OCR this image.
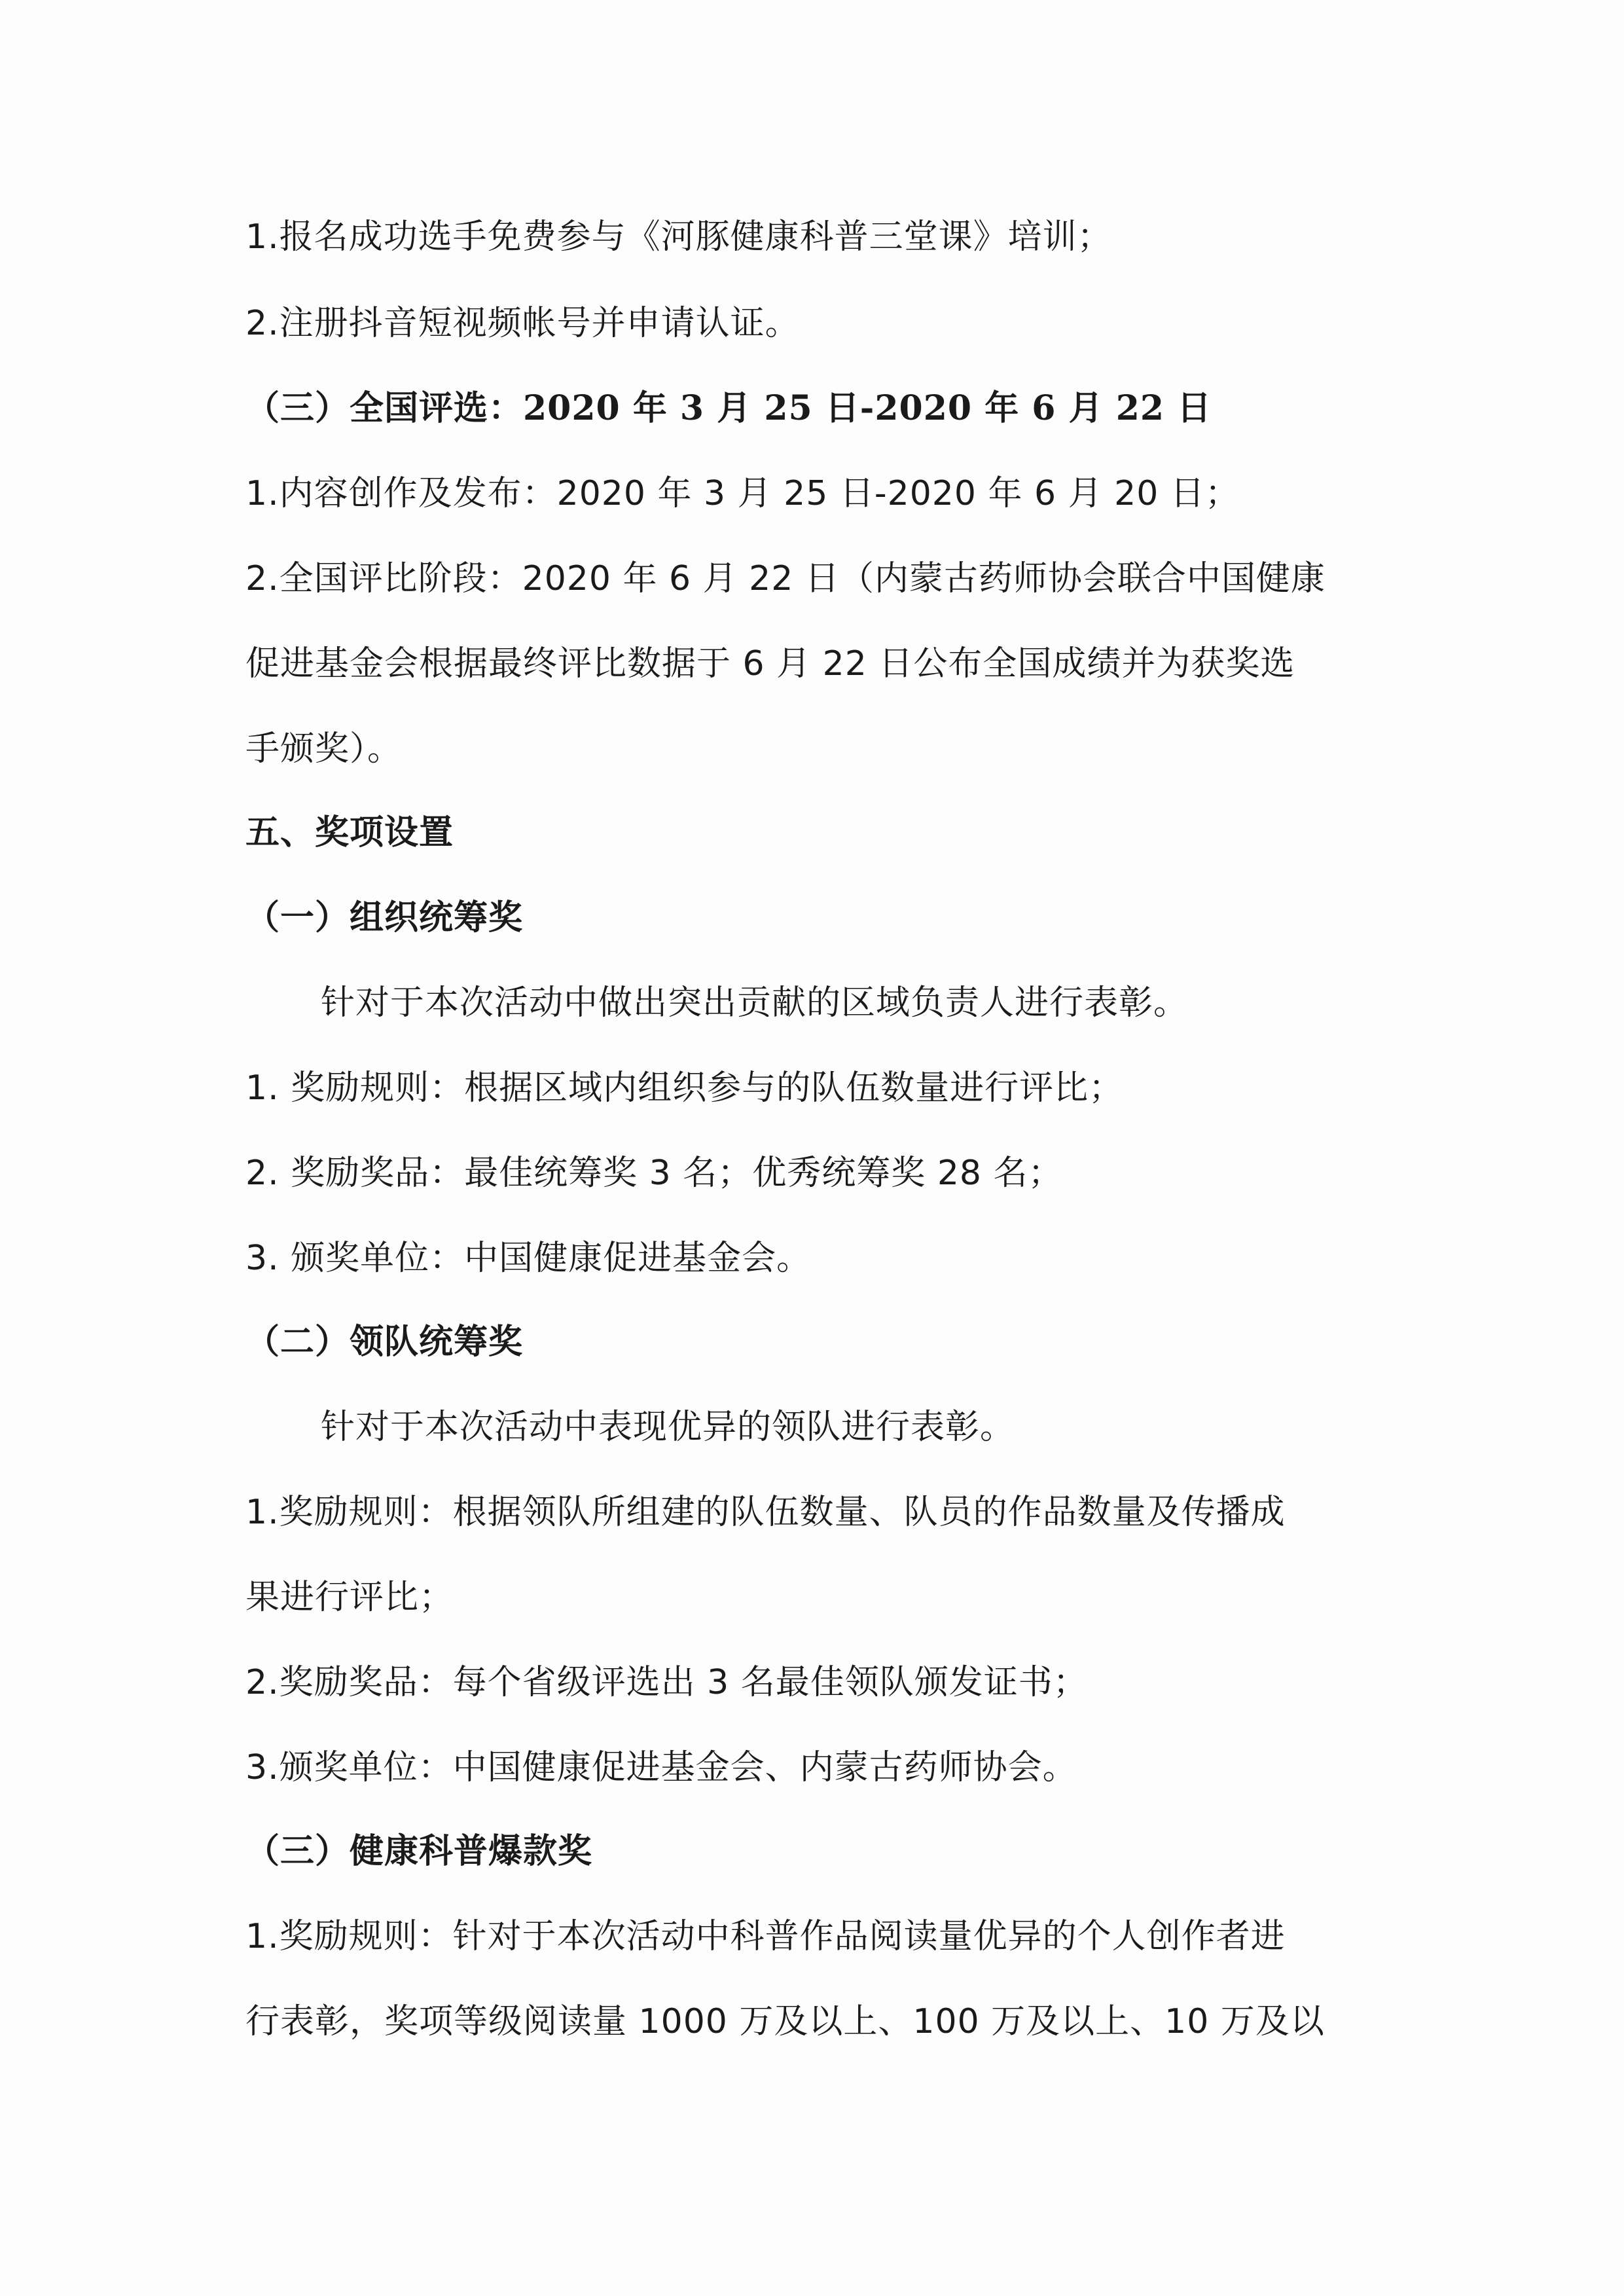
1.报名成功选手免费参与《河豚健康科普三堂课》培训；
2.注册抖音短视频帐号并申请认证。
（三）全国评选：2020 年 3 月 25 日-2020 年 6 月 22 日
1.内容创作及发布：2020 年 3 月 25 日-2020 年 6 月 20 日；
2.全国评比阶段：2020 年 6 月 22 日（内蒙古药师协会联合中国健康
促进基金会根据最终评比数据于 6 月 22 日公布全国成绩并为获奖选
手颁奖）。
五、奖项设置
（一）组织统筹奖
针对于本次活动中做出突出贡献的区域负责人进行表彰。
1. 奖励规则：根据区域内组织参与的队伍数量进行评比；
2. 奖励奖品：最佳统筹奖 3 名；优秀统筹奖 28 名；
3. 颁奖单位：中国健康促进基金会。
（二）领队统筹奖
针对于本次活动中表现优异的领队进行表彰。
1.奖励规则：根据领队所组建的队伍数量、队员的作品数量及传播成
果进行评比；
2.奖励奖品：每个省级评选出 3 名最佳领队颁发证书；
3.颁奖单位：中国健康促进基金会、内蒙古药师协会。
（三）健康科普爆款奖
1.奖励规则：针对于本次活动中科普作品阅读量优异的个人创作者进
行表彰，奖项等级阅读量 1000 万及以上、100 万及以上、10 万及以
